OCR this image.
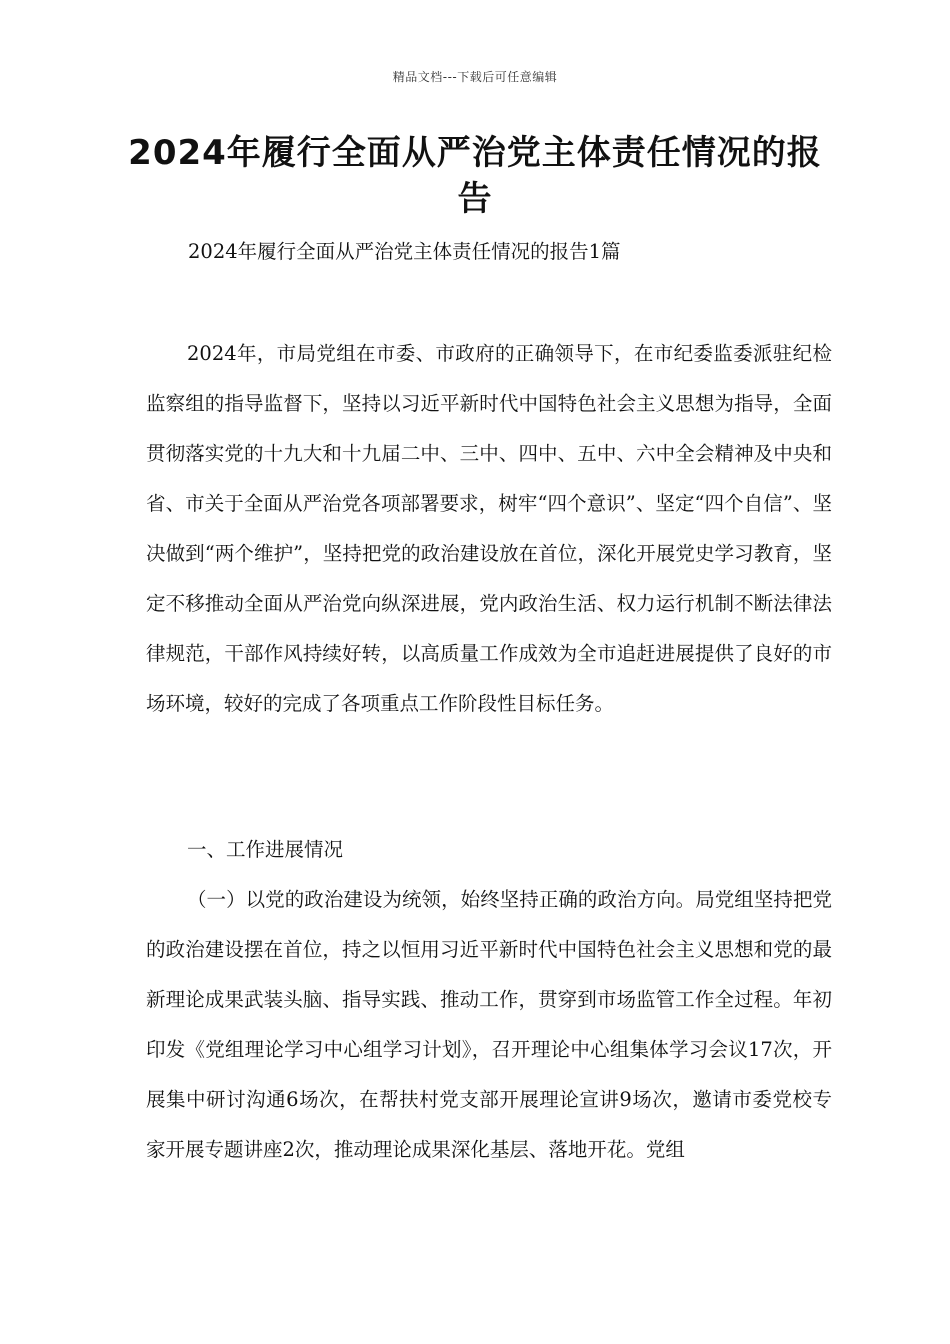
精品文档---下载后可任意编辑
2024年履行全面从严治党主体责任情况的报告
2024年履行全面从严治党主体责任情况的报告1篇

2024年，市局党组在市委、市政府的正确领导下，在市纪委监委派驻纪检监察组的指导监督下，坚持以习近平新时代中国特色社会主义思想为指导，全面贯彻落实党的十九大和十九届二中、三中、四中、五中、六中全会精神及中央和省、市关于全面从严治党各项部署要求，树牢“四个意识”、坚定“四个自信”、坚决做到“两个维护”，坚持把党的政治建设放在首位，深化开展党史学习教育，坚定不移推动全面从严治党向纵深进展，党内政治生活、权力运行机制不断法律法律规范，干部作风持续好转，以高质量工作成效为全市追赶进展提供了良好的市场环境，较好的完成了各项重点工作阶段性目标任务。

一、工作进展情况

（一）以党的政治建设为统领，始终坚持正确的政治方向。局党组坚持把党的政治建设摆在首位，持之以恒用习近平新时代中国特色社会主义思想和党的最新理论成果武装头脑、指导实践、推动工作，贯穿到市场监管工作全过程。年初印发《党组理论学习中心组学习计划》，召开理论中心组集体学习会议17次，开展集中研讨沟通6场次，在帮扶村党支部开展理论宣讲9场次，邀请市委党校专家开展专题讲座2次，推动理论成果深化基层、落地开花。党组
